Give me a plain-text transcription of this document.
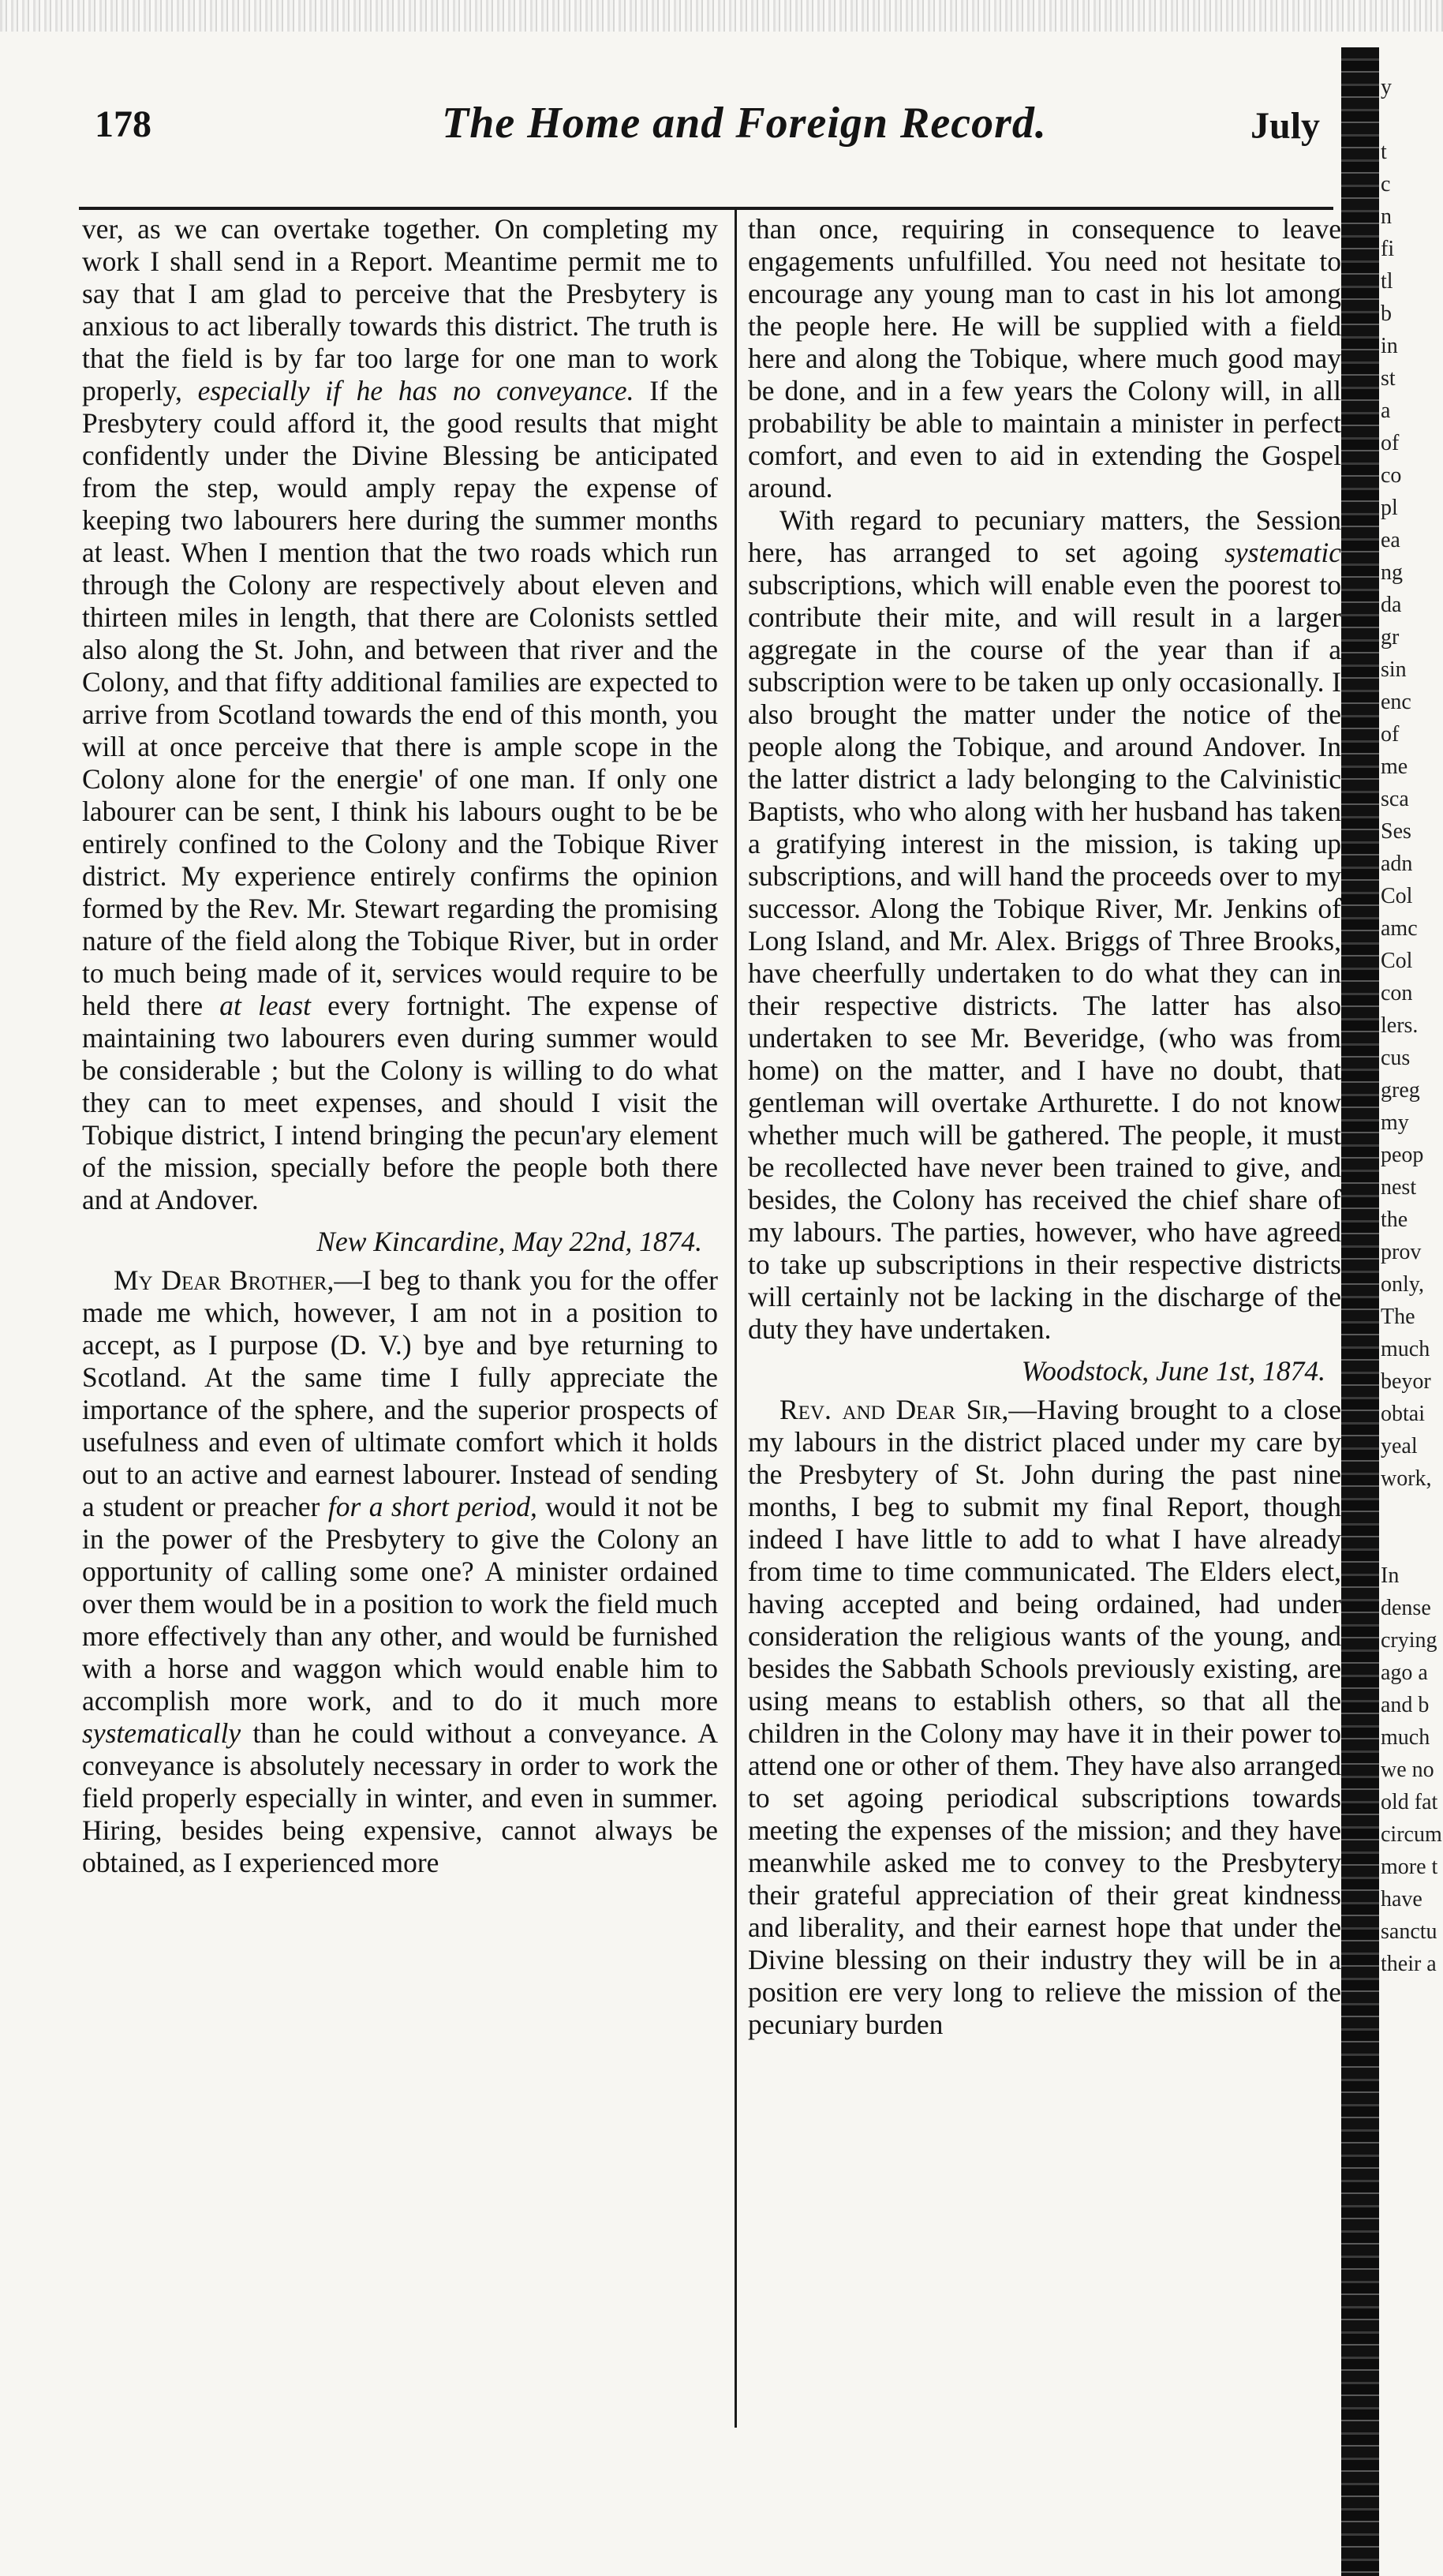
178	The Home and Foreign Record.	July

ver, as we can overtake together. On completing my work I shall send in a Report. Meantime permit me to say that I am glad to perceive that the Presbytery is anxious to act liberally towards this district. The truth is that the field is by far too large for one man to work properly, especially if he has no conveyance. If the Presbytery could afford it, the good results that might confidently under the Divine Blessing be anticipated from the step, would amply repay the expense of keeping two labourers here during the summer months at least. When I mention that the two roads which run through the Colony are respectively about eleven and thirteen miles in length, that there are Colonists settled also along the St. John, and between that river and the Colony, and that fifty additional families are expected to arrive from Scotland towards the end of this month, you will at once perceive that there is ample scope in the Colony alone for the energie' of one man. If only one labourer can be sent, I think his labours ought to be be entirely confined to the Colony and the Tobique River district. My experience entirely confirms the opinion formed by the Rev. Mr. Stewart regarding the promising nature of the field along the Tobique River, but in order to much being made of it, services would require to be held there at least every fortnight. The expense of maintaining two labourers even during summer would be considerable ; but the Colony is willing to do what they can to meet expenses, and should I visit the Tobique district, I intend bringing the pecun'ary element of the mission, specially before the people both there and at Andover.

New Kincardine, May 22nd, 1874.

My Dear Brother,—I beg to thank you for the offer made me which, however, I am not in a position to accept, as I purpose (D. V.) bye and bye returning to Scotland. At the same time I fully appreciate the importance of the sphere, and the superior prospects of usefulness and even of ultimate comfort which it holds out to an active and earnest labourer. Instead of sending a student or preacher for a short period, would it not be in the power of the Presbytery to give the Colony an opportunity of calling some one? A minister ordained over them would be in a position to work the field much more effectively than any other, and would be furnished with a horse and waggon which would enable him to accomplish more work, and to do it much more systematically than he could without a conveyance. A conveyance is absolutely necessary in order to work the field properly especially in winter, and even in summer. Hiring, besides being expensive, cannot always be obtained, as I experienced more

than once, requiring in consequence to leave engagements unfulfilled. You need not hesitate to encourage any young man to cast in his lot among the people here. He will be supplied with a field here and along the Tobique, where much good may be done, and in a few years the Colony will, in all probability be able to maintain a minister in perfect comfort, and even to aid in extending the Gospel around.

With regard to pecuniary matters, the Session here, has arranged to set agoing systematic subscriptions, which will enable even the poorest to contribute their mite, and will result in a larger aggregate in the course of the year than if a subscription were to be taken up only occasionally. I also brought the matter under the notice of the people along the Tobique, and around Andover. In the latter district a lady belonging to the Calvinistic Baptists, who who along with her husband has taken a gratifying interest in the mission, is taking up subscriptions, and will hand the proceeds over to my successor. Along the Tobique River, Mr. Jenkins of Long Island, and Mr. Alex. Briggs of Three Brooks, have cheerfully undertaken to do what they can in their respective districts. The latter has also undertaken to see Mr. Beveridge, (who was from home) on the matter, and I have no doubt, that gentleman will overtake Arthurette. I do not know whether much will be gathered. The people, it must be recollected have never been trained to give, and besides, the Colony has received the chief share of my labours. The parties, however, who have agreed to take up subscriptions in their respective districts will certainly not be lacking in the discharge of the duty they have undertaken.

Woodstock, June 1st, 1874.

Rev. and Dear Sir,—Having brought to a close my labours in the district placed under my care by the Presbytery of St. John during the past nine months, I beg to submit my final Report, though indeed I have little to add to what I have already from time to time communicated. The Elders elect, having accepted and being ordained, had under consideration the religious wants of the young, and besides the Sabbath Schools previously existing, are using means to establish others, so that all the children in the Colony may have it in their power to attend one or other of them. They have also arranged to set agoing periodical subscriptions towards meeting the expenses of the mission; and they have meanwhile asked me to convey to the Presbytery their grateful appreciation of their great kindness and liberality, and their earnest hope that under the Divine blessing on their industry they will be in a position ere very long to relieve the mission of the pecuniary burden

y

t
c
n
fi
tl
b
in
st
a
of
co
pl
ea
ng
da
gr
sin
enc
of
me
sca
Ses
adn
Col
amc
Col
con
lers.
cus
greg
my
peop
nest
the
prov
only,
The
much
beyor
obtai
yeal
work,

In
dense
crying
ago a
and b
much
we no
old fat
circum
more t
have
sanctu
their a
